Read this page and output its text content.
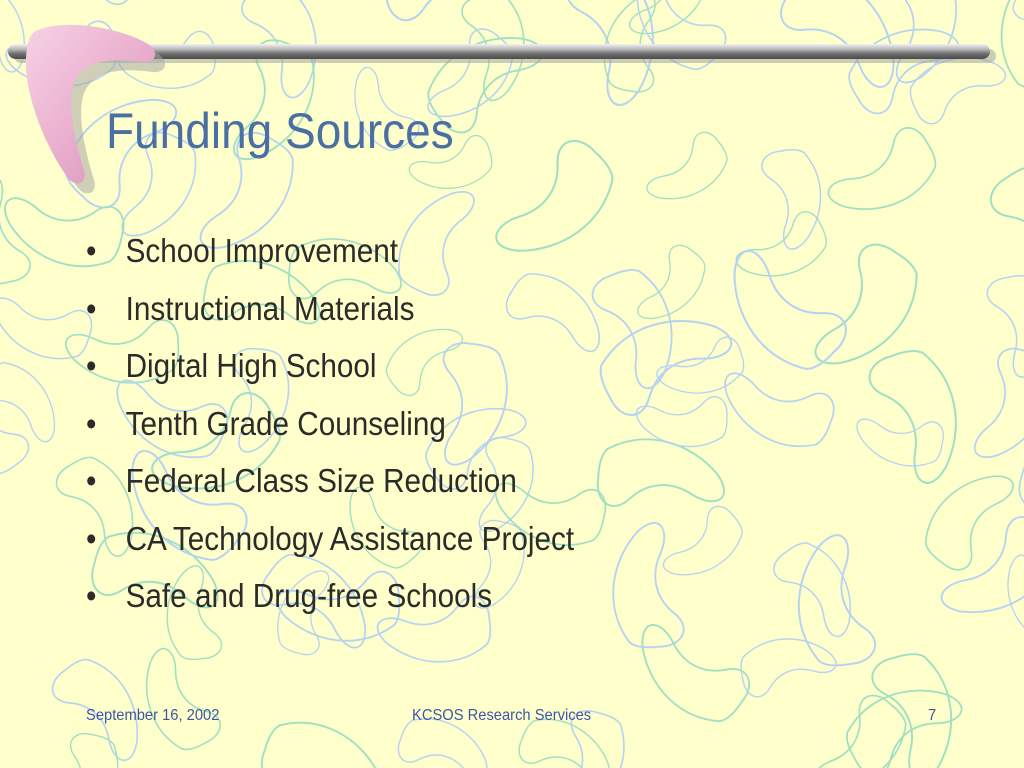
Funding Sources
• School Improvement
• Instructional Materials
• Digital High School
• Tenth Grade Counseling
• Federal Class Size Reduction
• CA Technology Assistance Project
• Safe and Drug-free Schools
September 16, 2002	KCSOS Research Services	7
